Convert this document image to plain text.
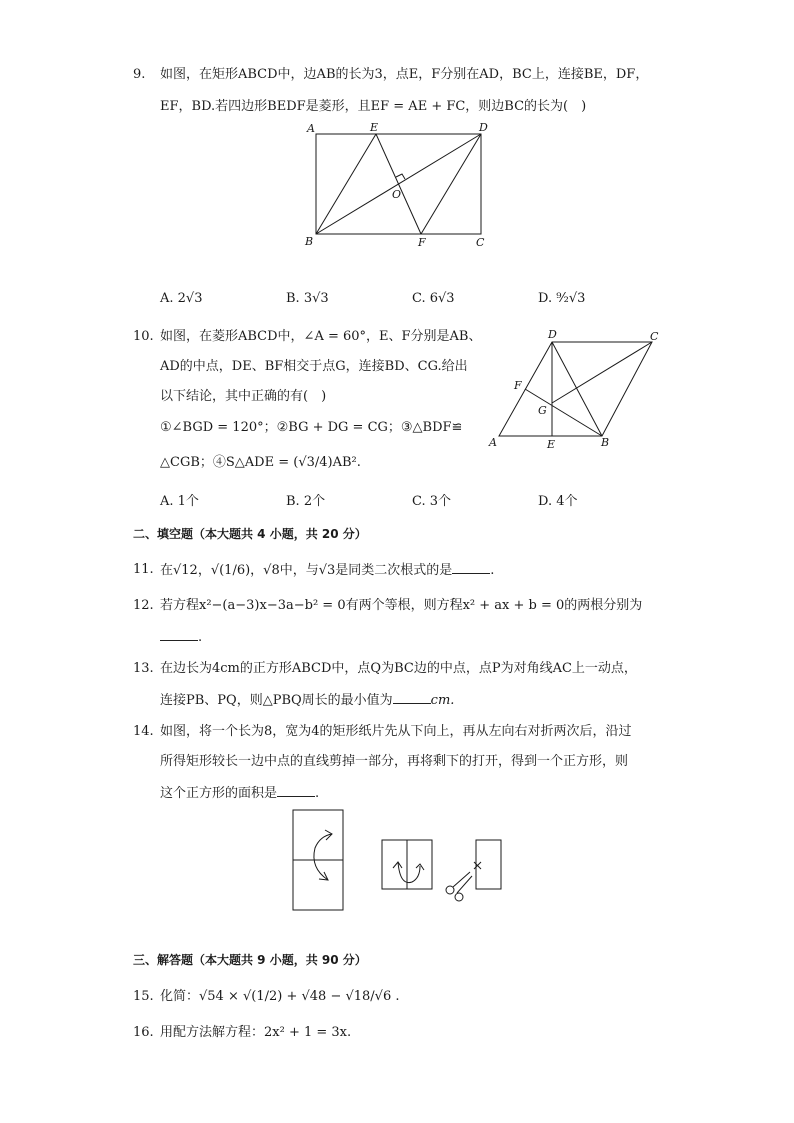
9. 如图，在矩形ABCD中，边AB的长为3，点E，F分别在AD，BC上，连接BE，DF，
EF，BD.若四边形BEDF是菱形，且EF = AE + FC，则边BC的长为(　)
A	E	D
O
B	F	C
A. 2√3	B. 3√3	C. 6√3	D. ⁹⁄₂√3
10. 如图，在菱形ABCD中，∠A = 60°，E、F分别是AB、
AD的中点，DE、BF相交于点G，连接BD、CG.给出
以下结论，其中正确的有(　)
①∠BGD = 120°；②BG + DG = CG；③△BDF≌
△CGB；④S△ADE = (√3/4)AB².
D	C
F
G
A	E	B
A. 1个	B. 2个	C. 3个	D. 4个
二、填空题（本大题共 4 小题，共 20 分）
11. 在√12，√(1/6)，√8中，与√3是同类二次根式的是	.
12. 若方程x²−(a−3)x−3a−b² = 0有两个等根，则方程x² + ax + b = 0的两根分别为
.
13. 在边长为4cm的正方形ABCD中，点Q为BC边的中点，点P为对角线AC上一动点，
连接PB、PQ，则△PBQ周长的最小值为	cm.
14. 如图，将一个长为8，宽为4的矩形纸片先从下向上，再从左向右对折两次后，沿过
所得矩形较长一边中点的直线剪掉一部分，再将剩下的打开，得到一个正方形，则
这个正方形的面积是	.
三、解答题（本大题共 9 小题，共 90 分）
15. 化简：√54 × √(1/2) + √48 − √18/√6 .
16. 用配方法解方程：2x² + 1 = 3x.
